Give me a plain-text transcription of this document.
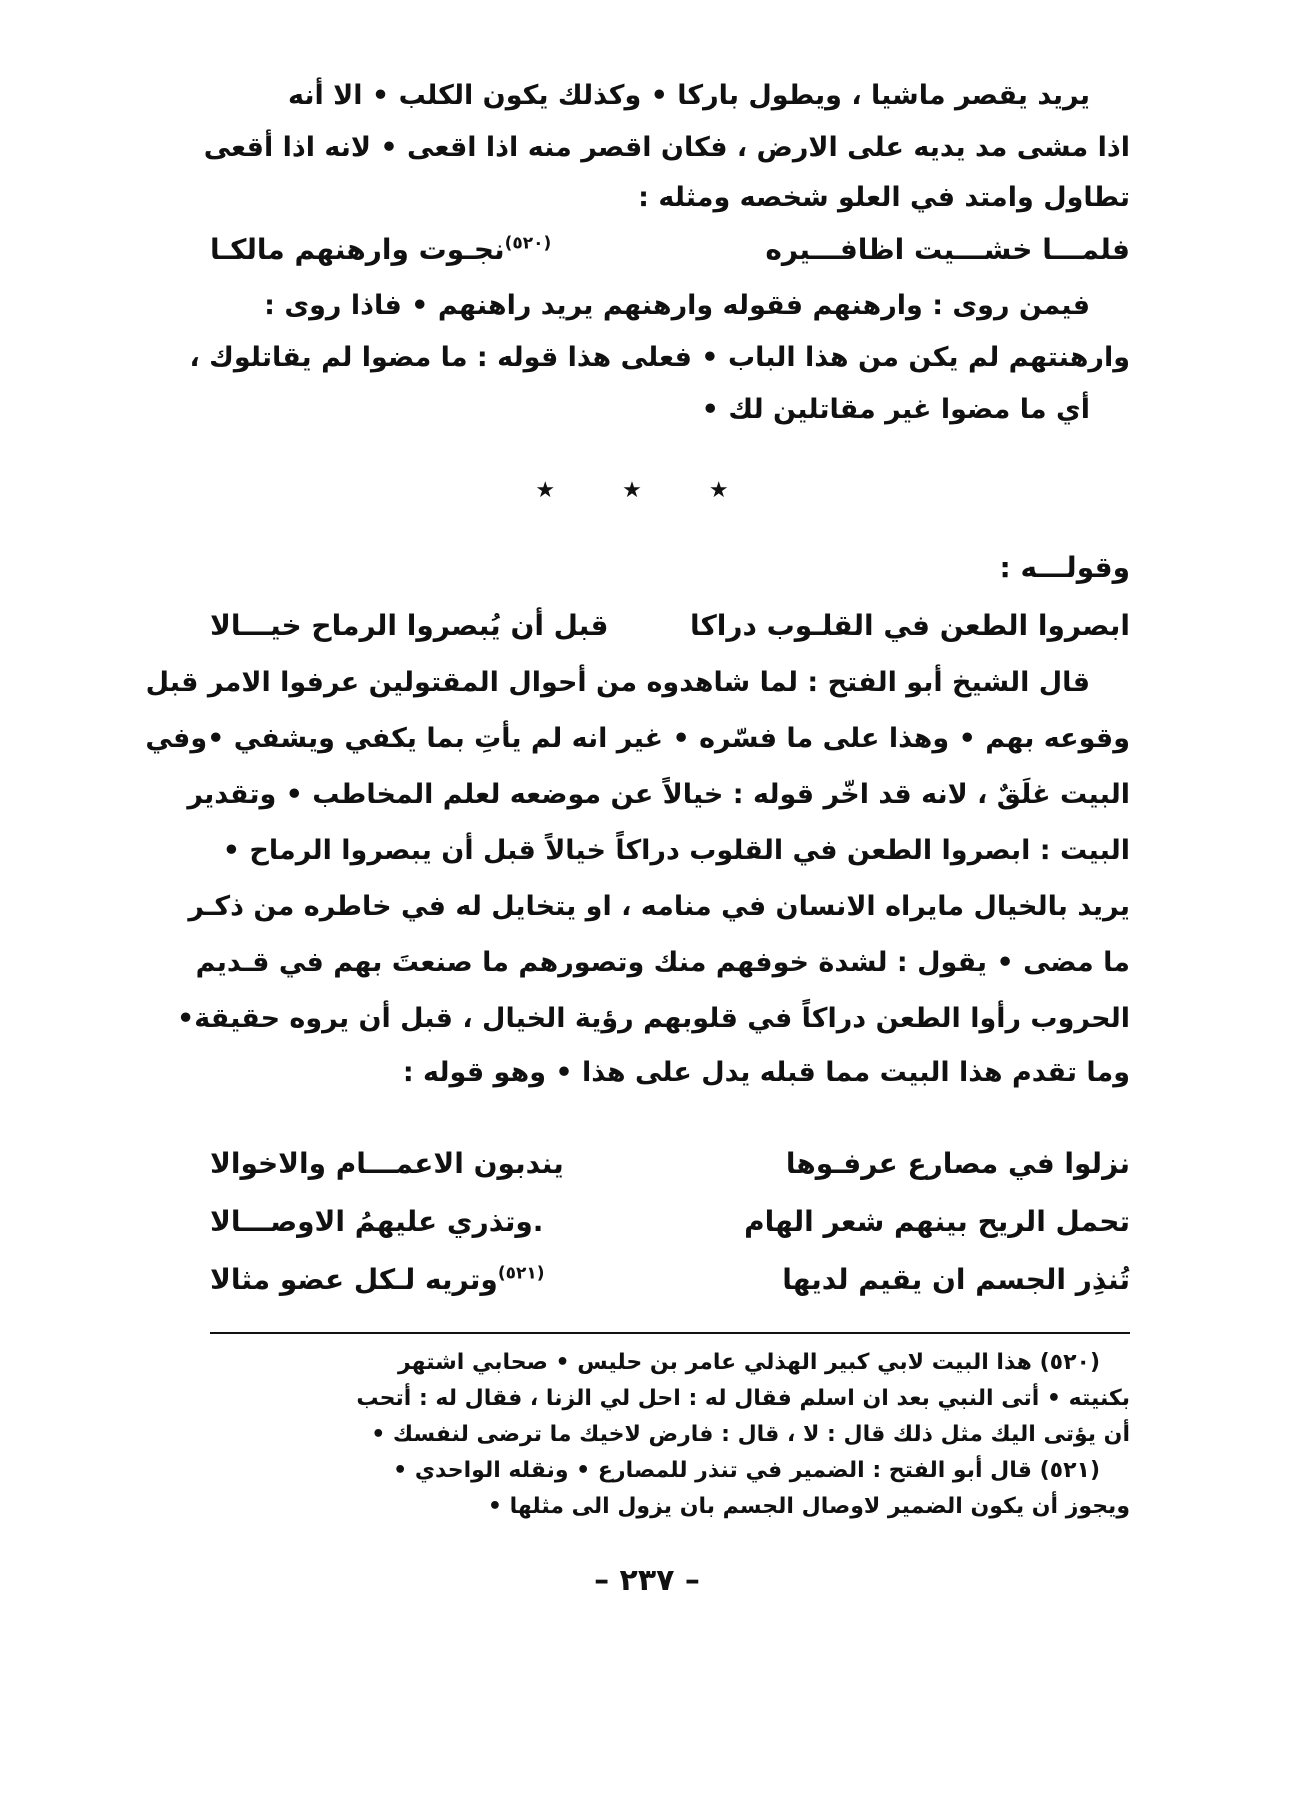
يريد يقصر ماشيا ، ويطول باركا • وكذلك يكون الكلب • الا أنه
اذا مشى مد يديه على الارض ، فكان اقصر منه اذا اقعى • لانه اذا أقعى
تطاول وامتد في العلو شخصه ومثله :
فلمـــا خشـــيت اظافـــيره
$^{(٥٢٠)}$نجـوت وارهنهم مالكـا
فيمن روى : وارهنهم فقوله وارهنهم يريد راهنهم • فاذا روى :
وارهنتهم لم يكن من هذا الباب • فعلى هذا قوله : ما مضوا لم يقاتلوك ،
أي ما مضوا غير مقاتلين لك •
★ ★ ★
وقولـــه :
ابصروا الطعن في القلـوب دراكا
قبل أن يُبصروا الرماح خيـــالا
قال الشيخ أبو الفتح : لما شاهدوه من أحوال المقتولين عرفوا الامر قبل
وقوعه بهم • وهذا على ما فسّره • غير انه لم يأتِ بما يكفي ويشفي •وفي
البيت غلَقٌ ، لانه قد اخّر قوله : خيالاً عن موضعه لعلم المخاطب • وتقدير
البيت : ابصروا الطعن في القلوب دراكاً خيالاً قبل أن يبصروا الرماح •
يريد بالخيال مايراه الانسان في منامه ، او يتخايل له في خاطره من ذكـر
ما مضى • يقول : لشدة خوفهم منك وتصورهم ما صنعتَ بهم في قـديم
الحروب رأوا الطعن دراكاً في قلوبهم رؤية الخيال ، قبل أن يروه حقيقة•
وما تقدم هذا البيت مما قبله يدل على هذا • وهو قوله :
نزلوا في مصارع عرفـوها
يندبون الاعمـــام والاخوالا
تحمل الريح بينهم شعر الهام
.وتذري عليهمُ الاوصـــالا
تُنذِر الجسم ان يقيم لديها
$^{(٥٢١)}$وتريه لـكل عضو مثالا
(٥٢٠) هذا البيت لابي كبير الهذلي عامر بن حليس • صحابي اشتهر
بكنيته • أتى النبي بعد ان اسلم فقال له : احل لي الزنا ، فقال له : أتحب
أن يؤتى اليك مثل ذلك قال : لا ، قال : فارض لاخيك ما ترضى لنفسك •
(٥٢١) قال أبو الفتح : الضمير في تنذر للمصارع • ونقله الواحدي •
ويجوز أن يكون الضمير لاوصال الجسم بان يزول الى مثلها •
– ٢٣٧ –
